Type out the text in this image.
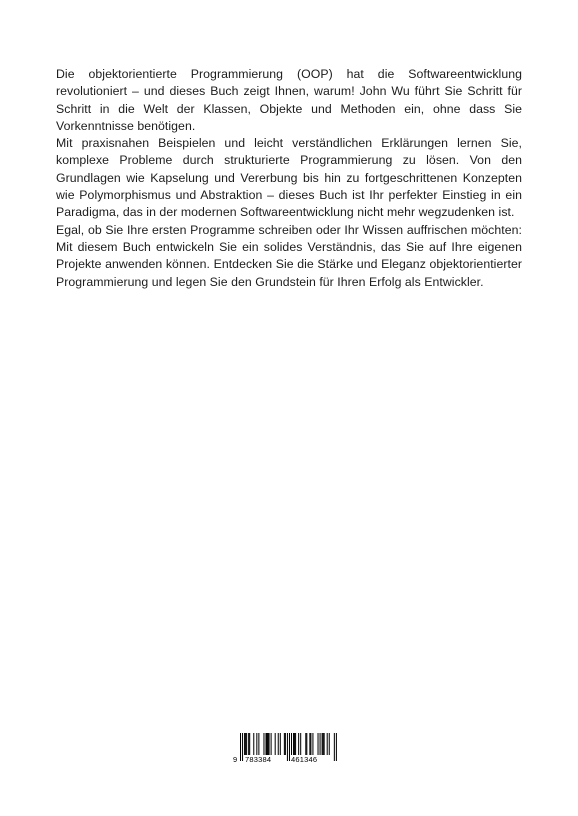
Die objektorientierte Programmierung (OOP) hat die Softwareentwicklung revolutioniert – und dieses Buch zeigt Ihnen, warum! John Wu führt Sie Schritt für Schritt in die Welt der Klassen, Objekte und Methoden ein, ohne dass Sie Vorkenntnisse benötigen.

Mit praxisnahen Beispielen und leicht verständlichen Erklärungen lernen Sie, komplexe Probleme durch strukturierte Programmierung zu lösen. Von den Grundlagen wie Kapselung und Vererbung bis hin zu fortgeschrittenen Konzepten wie Polymorphismus und Abstraktion – dieses Buch ist Ihr perfekter Einstieg in ein Paradigma, das in der modernen Softwareentwicklung nicht mehr wegzudenken ist.

Egal, ob Sie Ihre ersten Programme schreiben oder Ihr Wissen auffrischen möchten: Mit diesem Buch entwickeln Sie ein solides Verständnis, das Sie auf Ihre eigenen Projekte anwenden können. Entdecken Sie die Stärke und Eleganz objektorientierter Programmierung und legen Sie den Grundstein für Ihren Erfolg als Entwickler.

9 783384	461346
